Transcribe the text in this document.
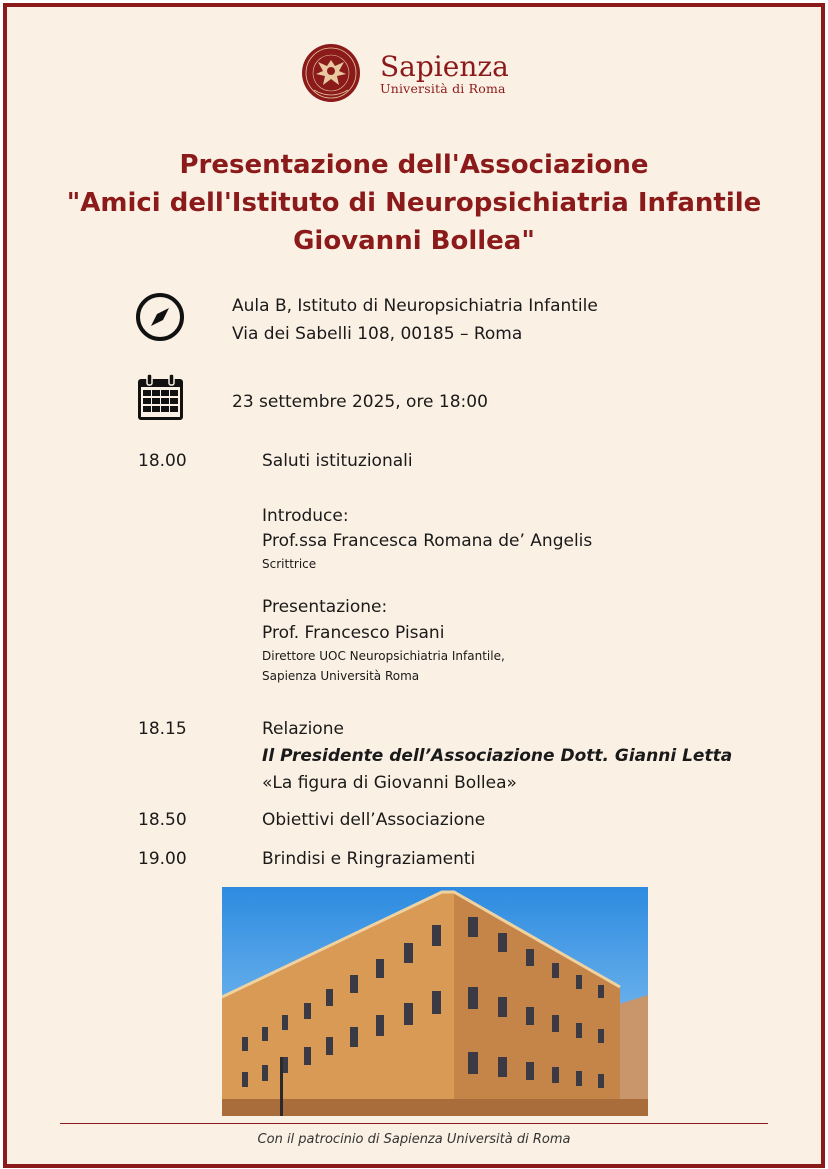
Sapienza
Università di Roma
Presentazione dell'Associazione
"Amici dell'Istituto di Neuropsichiatria Infantile
Giovanni Bollea"
Aula B, Istituto di Neuropsichiatria Infantile
Via dei Sabelli 108, 00185 – Roma
23 settembre 2025, ore 18:00
18.00	Saluti istituzionali
Introduce:
Prof.ssa Francesca Romana de’ Angelis
Scrittrice
Presentazione:
Prof. Francesco Pisani
Direttore UOC Neuropsichiatria Infantile,
Sapienza Università Roma
18.15	Relazione
Il Presidente dell’Associazione Dott. Gianni Letta
«La figura di Giovanni Bollea»
18.50	Obiettivi dell’Associazione
19.00	Brindisi e Ringraziamenti
Con il patrocinio di Sapienza Università di Roma
